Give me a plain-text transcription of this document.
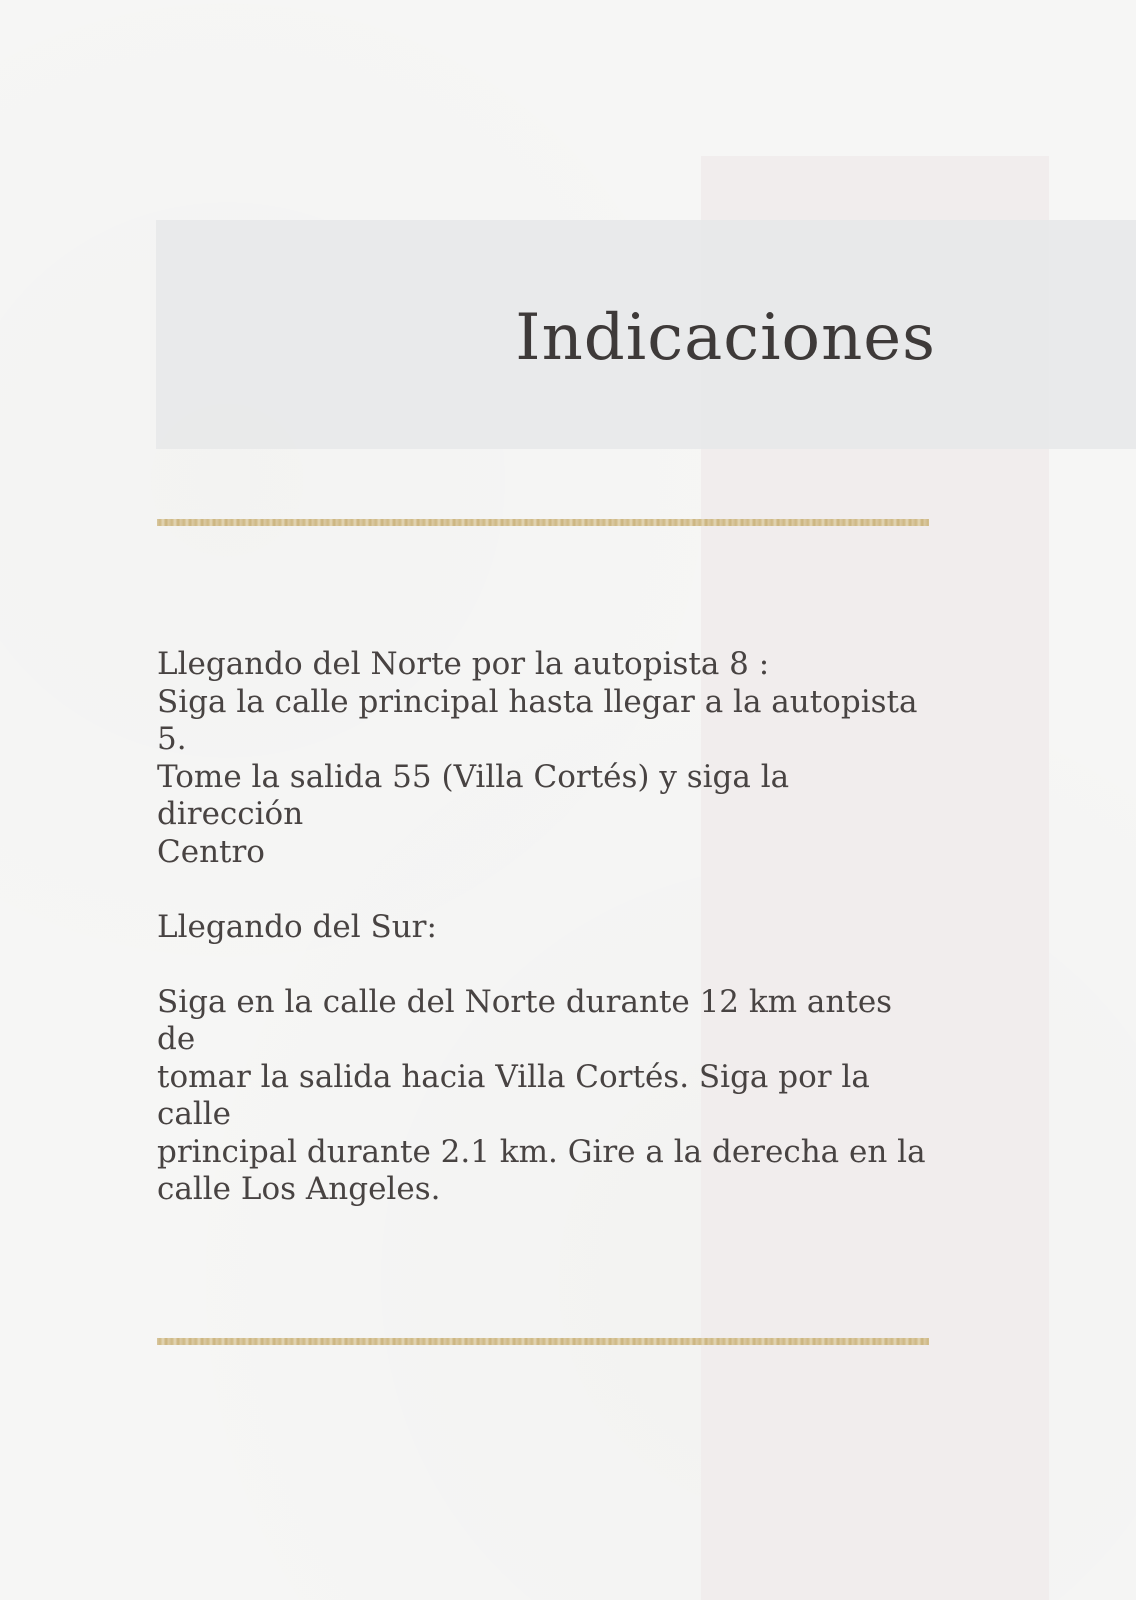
Indicaciones

Llegando del Norte por la autopista 8 :

Siga la calle principal hasta llegar a la autopista 5.

Tome la salida 55 (Villa Cortés) y siga la dirección

Centro

Llegando del Sur:

Siga en la calle del Norte durante 12 km antes de

tomar la salida hacia Villa Cortés. Siga por la calle

principal durante 2.1 km. Gire a la derecha en la

calle Los Angeles.
